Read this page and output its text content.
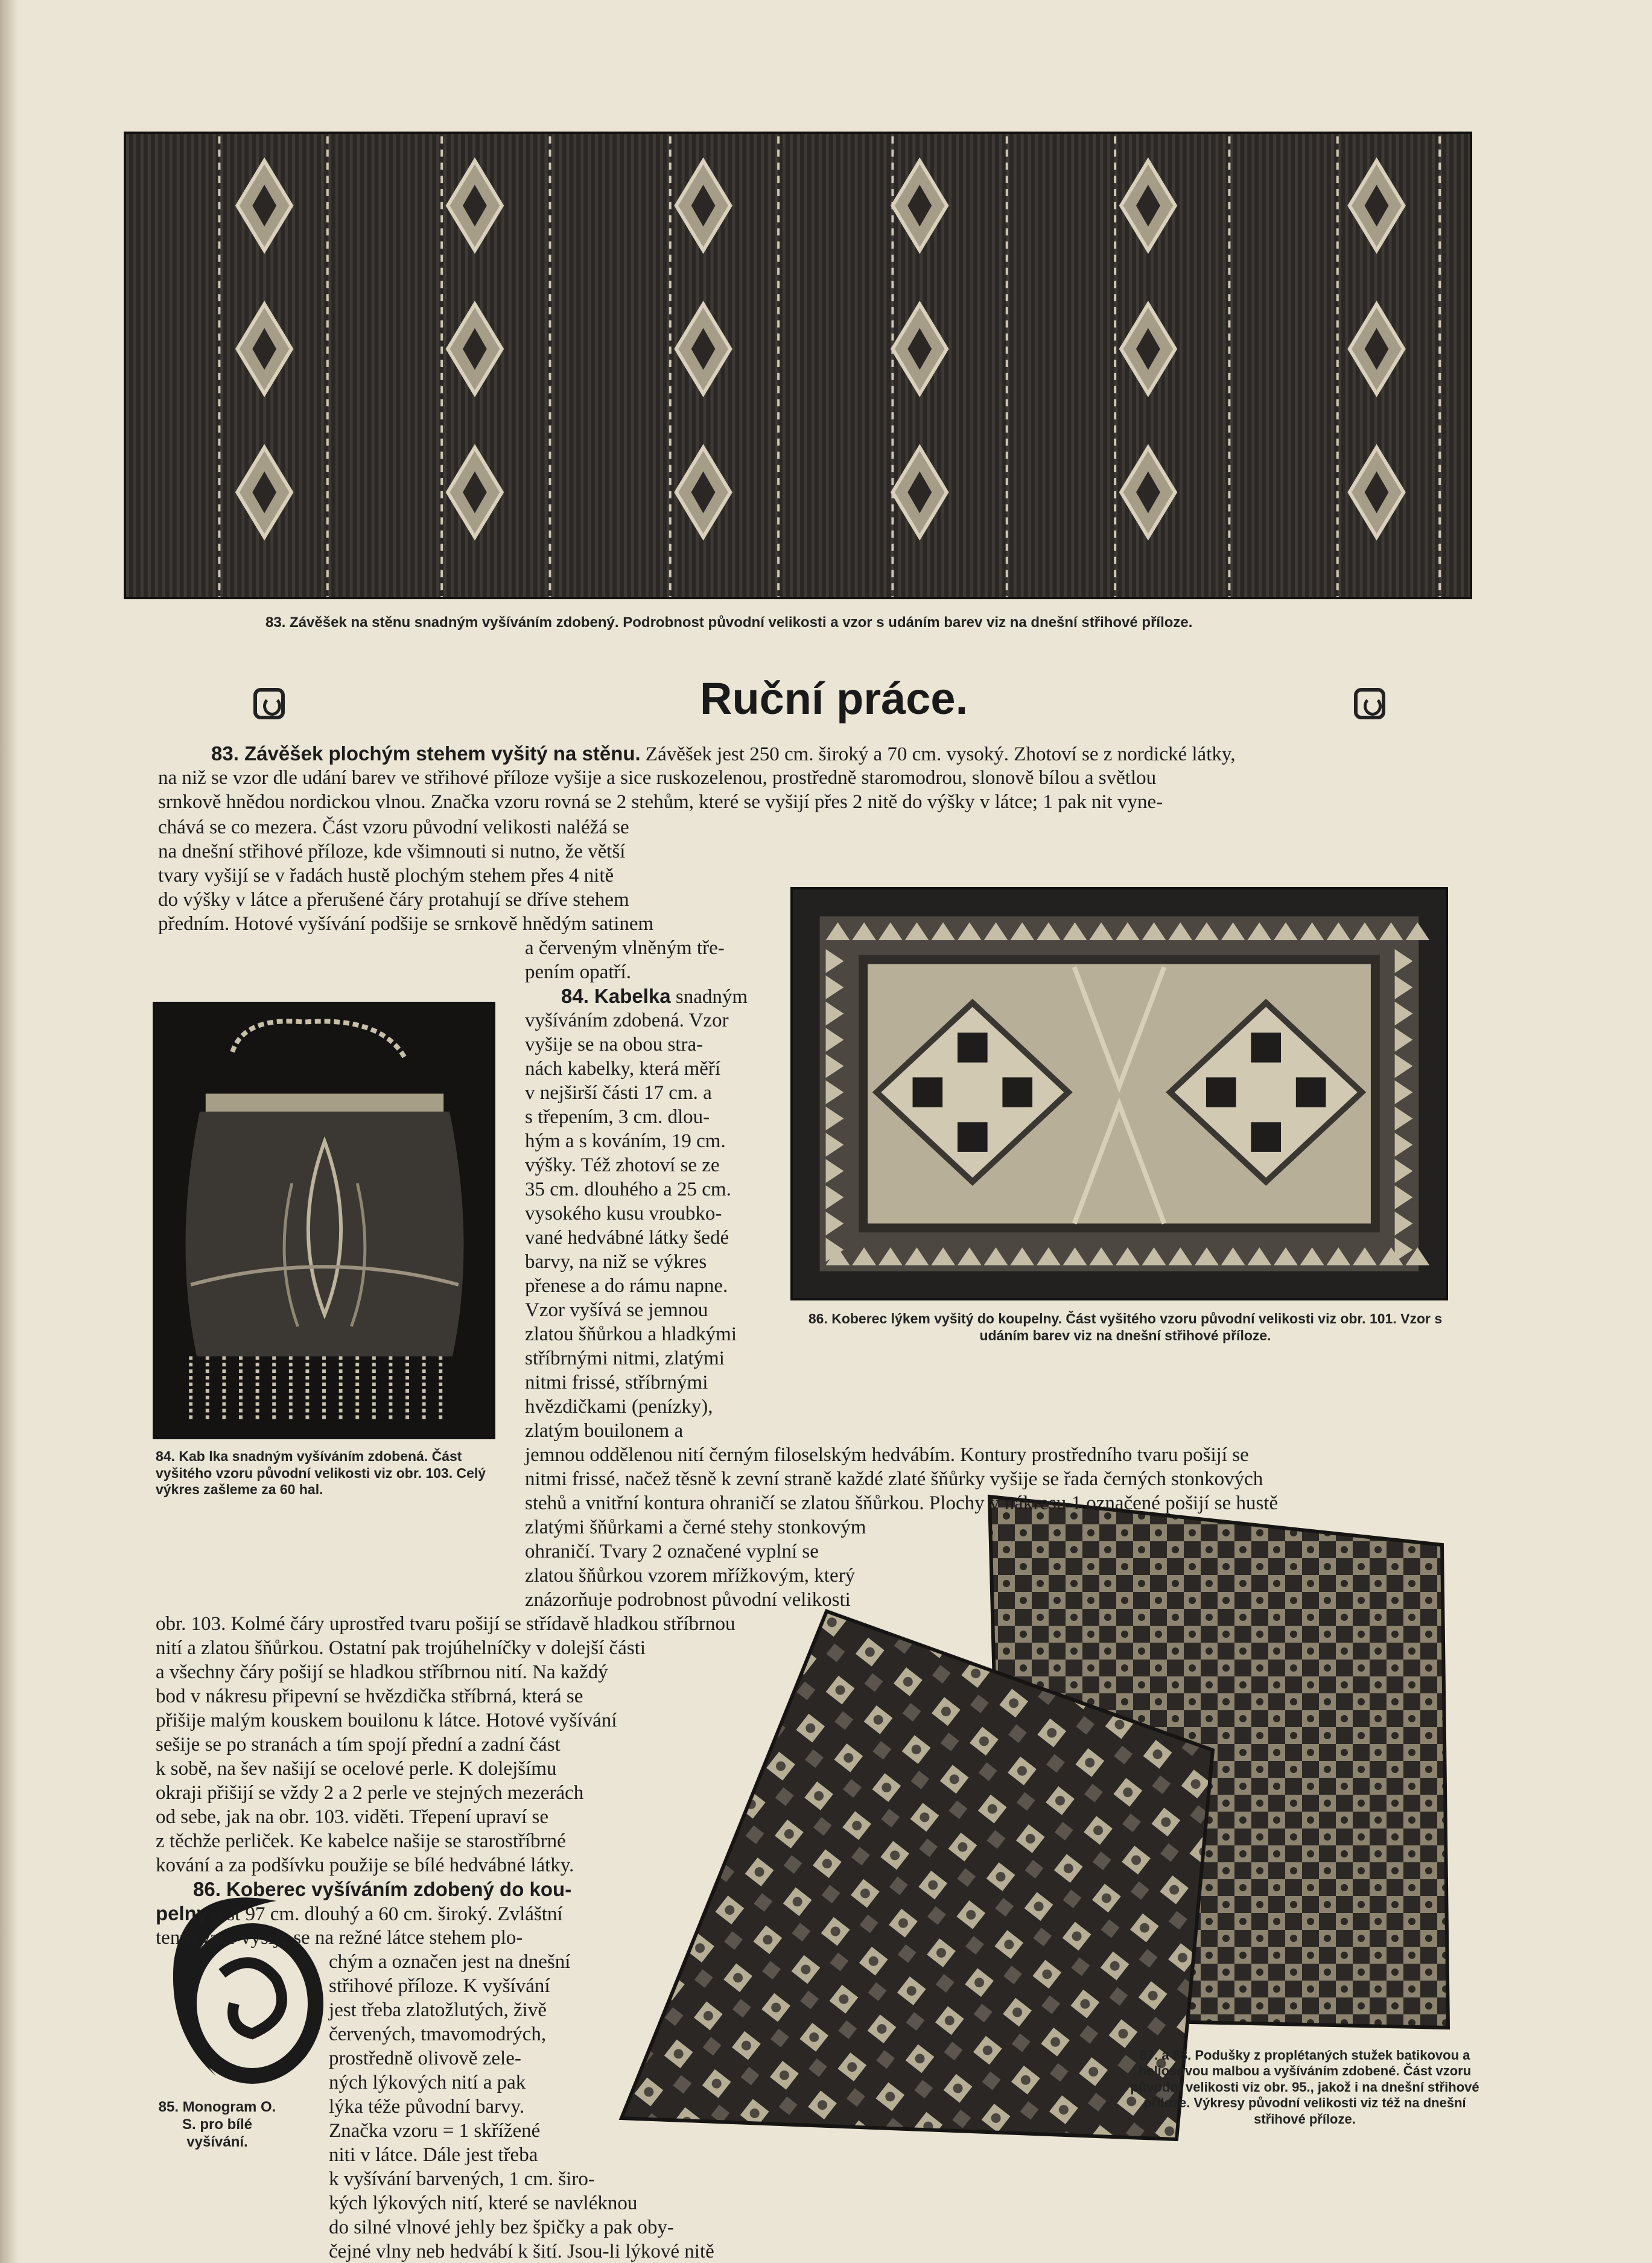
83. Závěšek na stěnu snadným vyšíváním zdobený. Podrobnost původní velikosti a vzor s udáním barev viz na dnešní střihové příloze.
Ruční práce.
84. Kab lka snadným vyšíváním zdobená. Část vyšitého vzoru původní velikosti viz obr. 103. Celý výkres zašleme za 60 hal.
86. Koberec lýkem vyšitý do koupelny. Část vyšitého vzoru původní velikosti viz obr. 101. Vzor s udáním barev viz na dnešní střihové příloze.
87. a 88. Podušky z proplétaných stužek batikovou a heliosovou malbou a vyšíváním zdobené. Část vzoru původní velikosti viz obr. 95., jakož i na dnešní střihové příloze. Výkresy původní velikosti viz též na dnešní střihové příloze.
85. Monogram O. S. pro bílé vyšívání.
83. Závěšek plochým stehem vyšitý na stěnu. Závěšek jest 250 cm. široký a 70 cm. vysoký. Zhotoví se z nordické látky,
na niž se vzor dle udání barev ve střihové příloze vyšije a sice ruskozelenou, prostředně staromodrou, slonově bílou a světlou
srnkově hnědou nordickou vlnou. Značka vzoru rovná se 2 stehům, které se vyšijí přes 2 nitě do výšky v látce; 1 pak nit vyne-
chává se co mezera. Část vzoru původní velikosti naléžá se
na dnešní střihové příloze, kde všimnouti si nutno, že větší
tvary vyšijí se v řadách hustě plochým stehem přes 4 nitě
do výšky v látce a přerušené čáry protahují se dříve stehem
předním. Hotové vyšívání podšije se srnkově hnědým satinem
a červeným vlněným tře-
pením opatří.
84. Kabelka snadným
vyšíváním zdobená. Vzor
vyšije se na obou stra-
nách kabelky, která měří
v nejširší části 17 cm. a
s třepením, 3 cm. dlou-
hým a s kováním, 19 cm.
výšky. Též zhotoví se ze
35 cm. dlouhého a 25 cm.
vysokého kusu vroubko-
vané hedvábné látky šedé
barvy, na niž se výkres
přenese a do rámu napne.
Vzor vyšívá se jemnou
zlatou šňůrkou a hladkými
stříbrnými nitmi, zlatými
nitmi frissé, stříbrnými
hvězdičkami (penízky),
zlatým bouilonem a
jemnou oddělenou nití černým filoselským hedvábím. Kontury prostředního tvaru pošijí se
nitmi frissé, načež těsně k zevní straně každé zlaté šňůrky vyšije se řada černých stonkových
stehů a vnitřní kontura ohraničí se zlatou šňůrkou. Plochy v nákresu 1 označené pošijí se hustě
zlatými šňůrkami a černé stehy stonkovým
ohraničí. Tvary 2 označené vyplní se
zlatou šňůrkou vzorem mřížkovým, který
znázorňuje podrobnost původní velikosti
obr. 103. Kolmé čáry uprostřed tvaru pošijí se střídavě hladkou stříbrnou
nití a zlatou šňůrkou. Ostatní pak trojúhelníčky v dolejší části
a všechny čáry pošijí se hladkou stříbrnou nití. Na každý
bod v nákresu připevní se hvězdička stříbrná, která se
přišije malým kouskem bouilonu k látce. Hotové vyšívání
sešije se po stranách a tím spojí přední a zadní část
k sobě, na šev našijí se ocelové perle. K dolejšímu
okraji přišijí se vždy 2 a 2 perle ve stejných mezerách
od sebe, jak na obr. 103. viděti. Třepení upraví se
z těchže perliček. Ke kabelce našije se starostříbrné
kování a za podšívku použije se bílé hedvábné látky.
86. Koberec vyšíváním zdobený do kou-
pelny jest 97 cm. dlouhý a 60 cm. široký. Zvláštní
tento vzor vyšije se na režné látce stehem plo-
chým a označen jest na dnešní
střihové příloze. K vyšívání
jest třeba zlatožlutých, živě
červených, tmavomodrých,
prostředně olivově zele-
ných lýkových nití a pak
lýka téže původní barvy.
Značka vzoru = 1 skřížené
niti v látce. Dále jest třeba
k vyšívání barvených, 1 cm. širo-
kých lýkových nití, které se navléknou
do silné vlnové jehly bez špičky a pak oby-
čejné vlny neb hedvábí k šití. Jsou-li lýkové nitě
